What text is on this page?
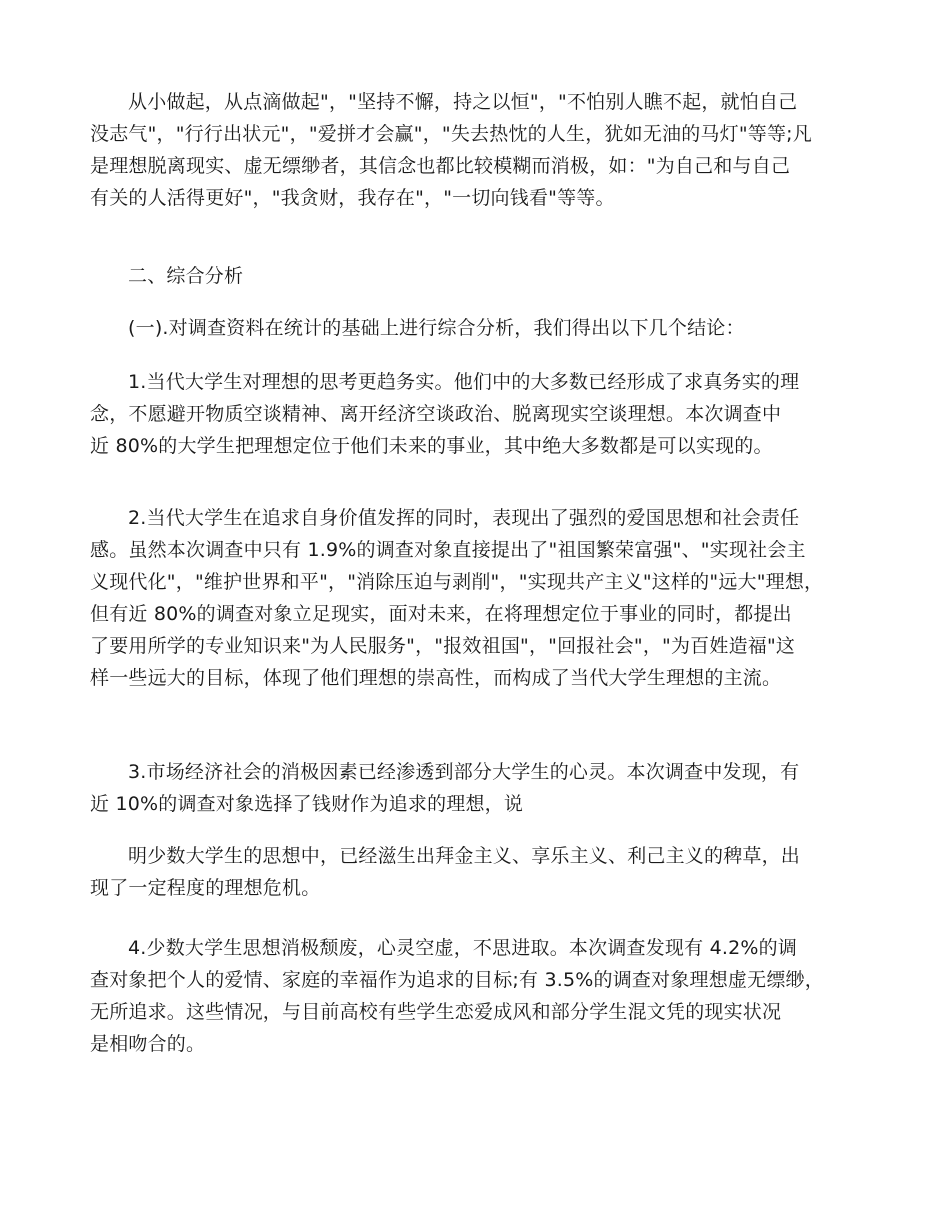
从小做起，从点滴做起"，"坚持不懈，持之以恒"，"不怕别人瞧不起，就怕自己
没志气"，"行行出状元"，"爱拼才会赢"，"失去热忱的人生，犹如无油的马灯"等等;凡
是理想脱离现实、虚无缥缈者，其信念也都比较模糊而消极，如："为自己和与自己
有关的人活得更好"，"我贪财，我存在"，"一切向钱看"等等。
二、综合分析
(一).对调查资料在统计的基础上进行综合分析，我们得出以下几个结论：
1.当代大学生对理想的思考更趋务实。他们中的大多数已经形成了求真务实的理
念，不愿避开物质空谈精神、离开经济空谈政治、脱离现实空谈理想。本次调查中
近 80%的大学生把理想定位于他们未来的事业，其中绝大多数都是可以实现的。
2.当代大学生在追求自身价值发挥的同时，表现出了强烈的爱国思想和社会责任
感。虽然本次调查中只有 1.9%的调查对象直接提出了"祖国繁荣富强"、"实现社会主
义现代化"，"维护世界和平"，"消除压迫与剥削"，"实现共产主义"这样的"远大"理想，
但有近 80%的调查对象立足现实，面对未来，在将理想定位于事业的同时，都提出
了要用所学的专业知识来"为人民服务"，"报效祖国"，"回报社会"，"为百姓造福"这
样一些远大的目标，体现了他们理想的崇高性，而构成了当代大学生理想的主流。
3.市场经济社会的消极因素已经渗透到部分大学生的心灵。本次调查中发现，有
近 10%的调查对象选择了钱财作为追求的理想，说
明少数大学生的思想中，已经滋生出拜金主义、享乐主义、利己主义的稗草，出
现了一定程度的理想危机。
4.少数大学生思想消极颓废，心灵空虚，不思进取。本次调查发现有 4.2%的调
查对象把个人的爱情、家庭的幸福作为追求的目标;有 3.5%的调查对象理想虚无缥缈，
无所追求。这些情况，与目前高校有些学生恋爱成风和部分学生混文凭的现实状况
是相吻合的。
